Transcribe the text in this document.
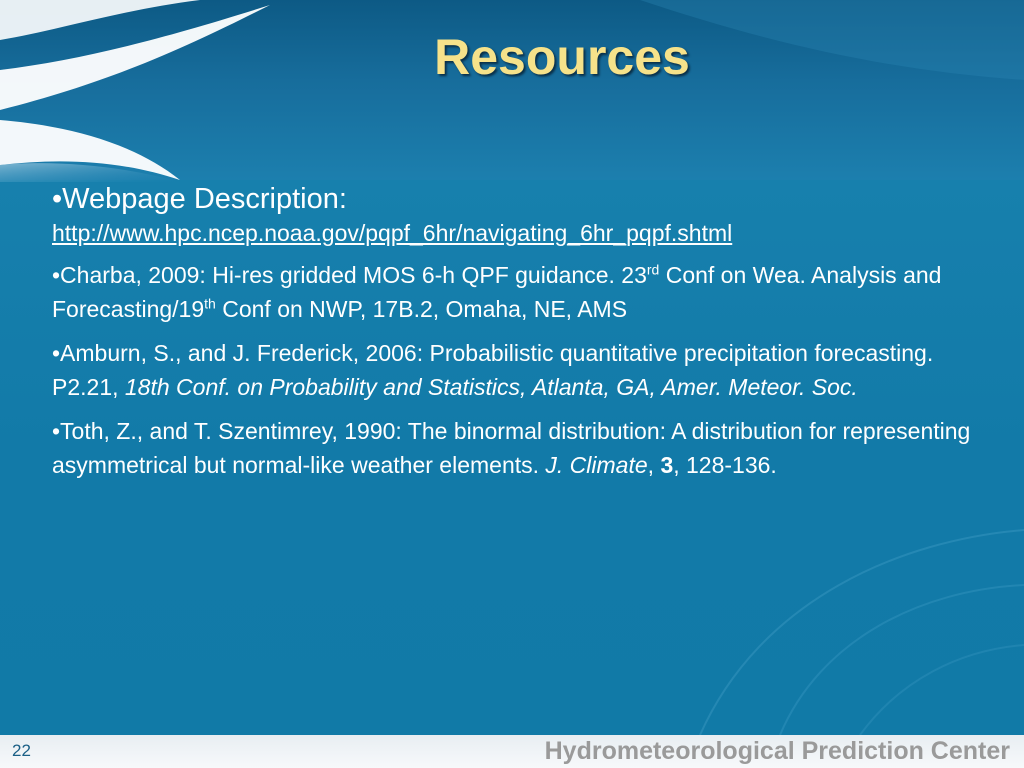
Resources
•Webpage Description:
http://www.hpc.ncep.noaa.gov/pqpf_6hr/navigating_6hr_pqpf.shtml
•Charba, 2009: Hi-res gridded MOS 6-h QPF guidance. 23rd Conf on Wea. Analysis and Forecasting/19th Conf on NWP, 17B.2, Omaha, NE, AMS
•Amburn, S., and J. Frederick, 2006: Probabilistic quantitative precipitation forecasting. P2.21, 18th Conf. on Probability and Statistics, Atlanta, GA, Amer. Meteor. Soc.
•Toth, Z., and T. Szentimrey, 1990: The binormal distribution: A distribution for representing asymmetrical but normal-like weather elements. J. Climate, 3, 128-136.
22	Hydrometeorological Prediction Center
